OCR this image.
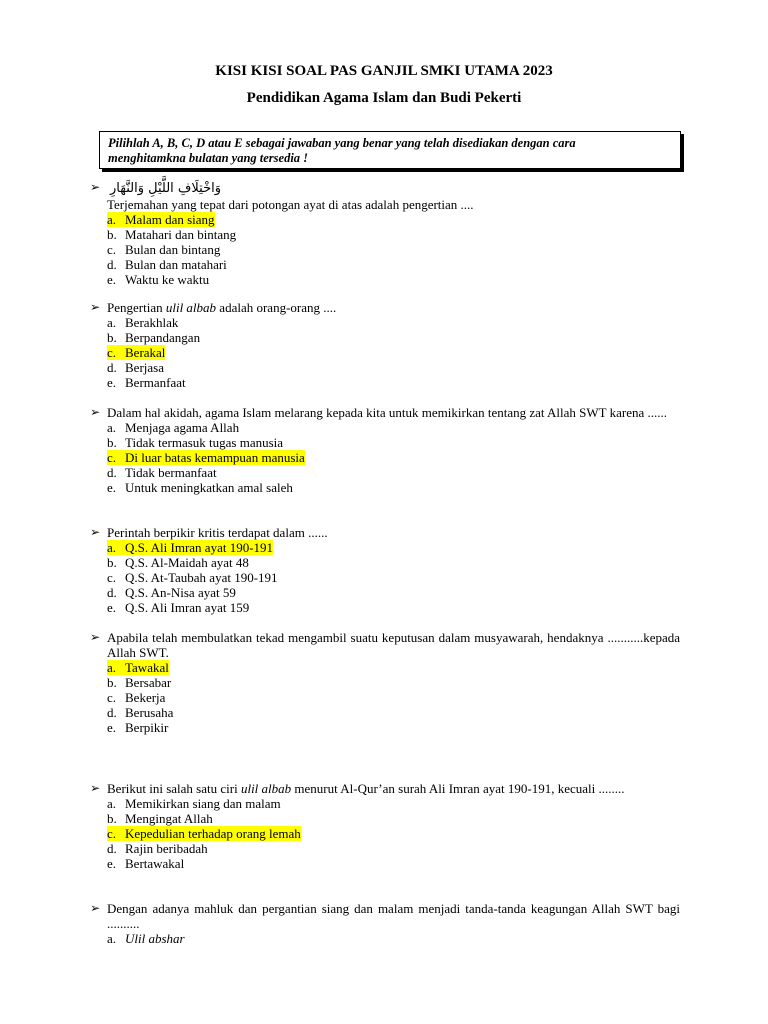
KISI KISI SOAL PAS GANJIL SMKI UTAMA 2023
Pendidikan Agama Islam dan Budi Pekerti
Pilihlah A, B, C, D atau E sebagai jawaban yang benar yang telah disediakan dengan cara
menghitamkna bulatan yang tersedia !
➢ وَاخْتِلَافِ اللَّيْلِ وَالنَّهَارِ
Terjemahan yang tepat dari potongan ayat di atas adalah pengertian ....
a. Malam dan siang
b. Matahari dan bintang
c. Bulan dan bintang
d. Bulan dan matahari
e. Waktu ke waktu
➢ Pengertian ulil albab adalah orang-orang ....
a. Berakhlak
b. Berpandangan
c. Berakal
d. Berjasa
e. Bermanfaat
➢ Dalam hal akidah, agama Islam melarang kepada kita untuk memikirkan tentang zat Allah SWT karena ......
a. Menjaga agama Allah
b. Tidak termasuk tugas manusia
c. Di luar batas kemampuan manusia
d. Tidak bermanfaat
e. Untuk meningkatkan amal saleh
➢ Perintah berpikir kritis terdapat dalam ......
a. Q.S. Ali Imran ayat 190-191
b. Q.S. Al-Maidah ayat 48
c. Q.S. At-Taubah ayat 190-191
d. Q.S. An-Nisa ayat 59
e. Q.S. Ali Imran ayat 159
➢ Apabila telah membulatkan tekad mengambil suatu keputusan dalam musyawarah, hendaknya ...........kepada Allah SWT.
a. Tawakal
b. Bersabar
c. Bekerja
d. Berusaha
e. Berpikir
➢ Berikut ini salah satu ciri ulil albab menurut Al-Qur’an surah Ali Imran ayat 190-191, kecuali ........
a. Memikirkan siang dan malam
b. Mengingat Allah
c. Kepedulian terhadap orang lemah
d. Rajin beribadah
e. Bertawakal
➢ Dengan adanya mahluk dan pergantian siang dan malam menjadi tanda-tanda keagungan Allah SWT bagi ..........
a. Ulil abshar
